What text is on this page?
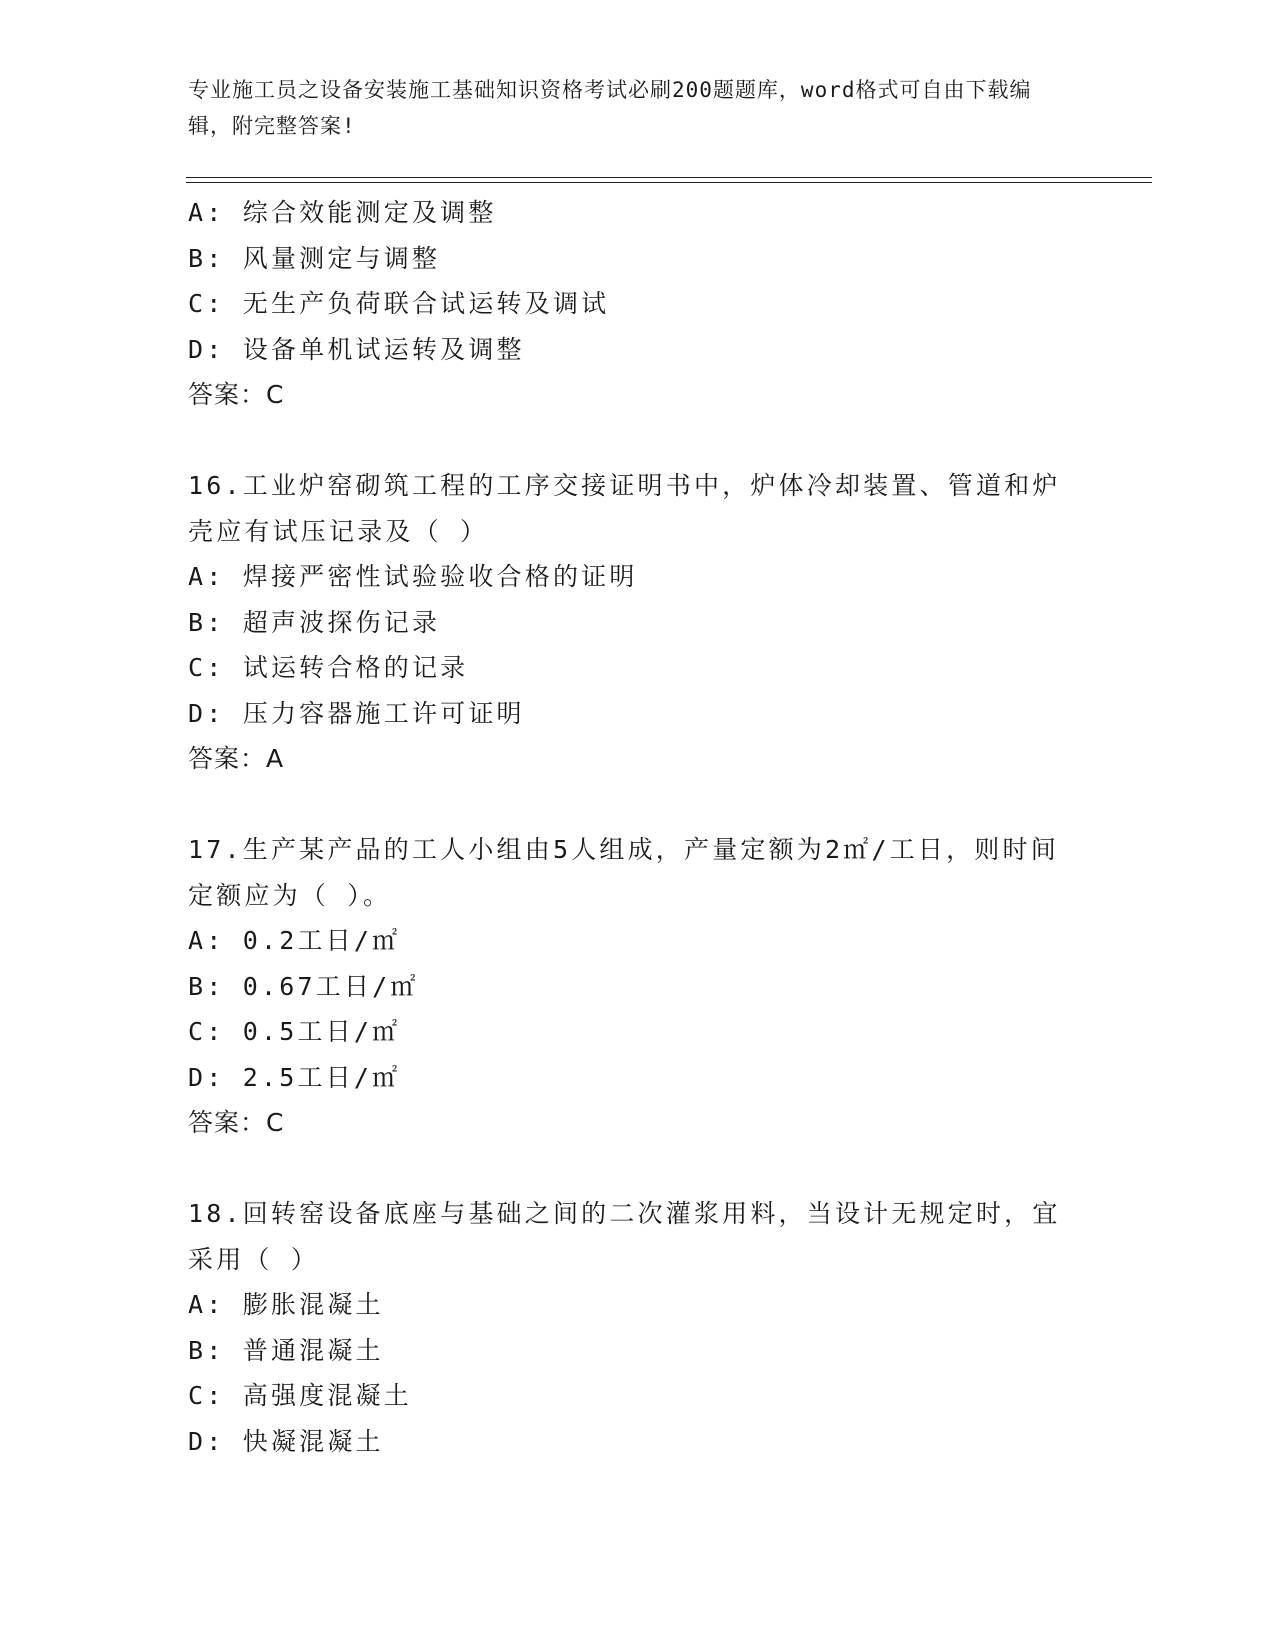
专业施工员之设备安装施工基础知识资格考试必刷200题题库，word格式可自由下载编辑，附完整答案!
A: 综合效能测定及调整
B: 风量测定与调整
C: 无生产负荷联合试运转及调试
D: 设备单机试运转及调整
答案：C
16.工业炉窑砌筑工程的工序交接证明书中，炉体冷却装置、管道和炉
壳应有试压记录及（ ）
A: 焊接严密性试验验收合格的证明
B: 超声波探伤记录
C: 试运转合格的记录
D: 压力容器施工许可证明
答案：A
17.生产某产品的工人小组由5人组成，产量定额为2㎡/工日，则时间
定额应为（ ）。
A: 0.2工日/㎡
B: 0.67工日/㎡
C: 0.5工日/㎡
D: 2.5工日/㎡
答案：C
18.回转窑设备底座与基础之间的二次灌浆用料，当设计无规定时，宜
采用（ ）
A: 膨胀混凝土
B: 普通混凝土
C: 高强度混凝土
D: 快凝混凝土
